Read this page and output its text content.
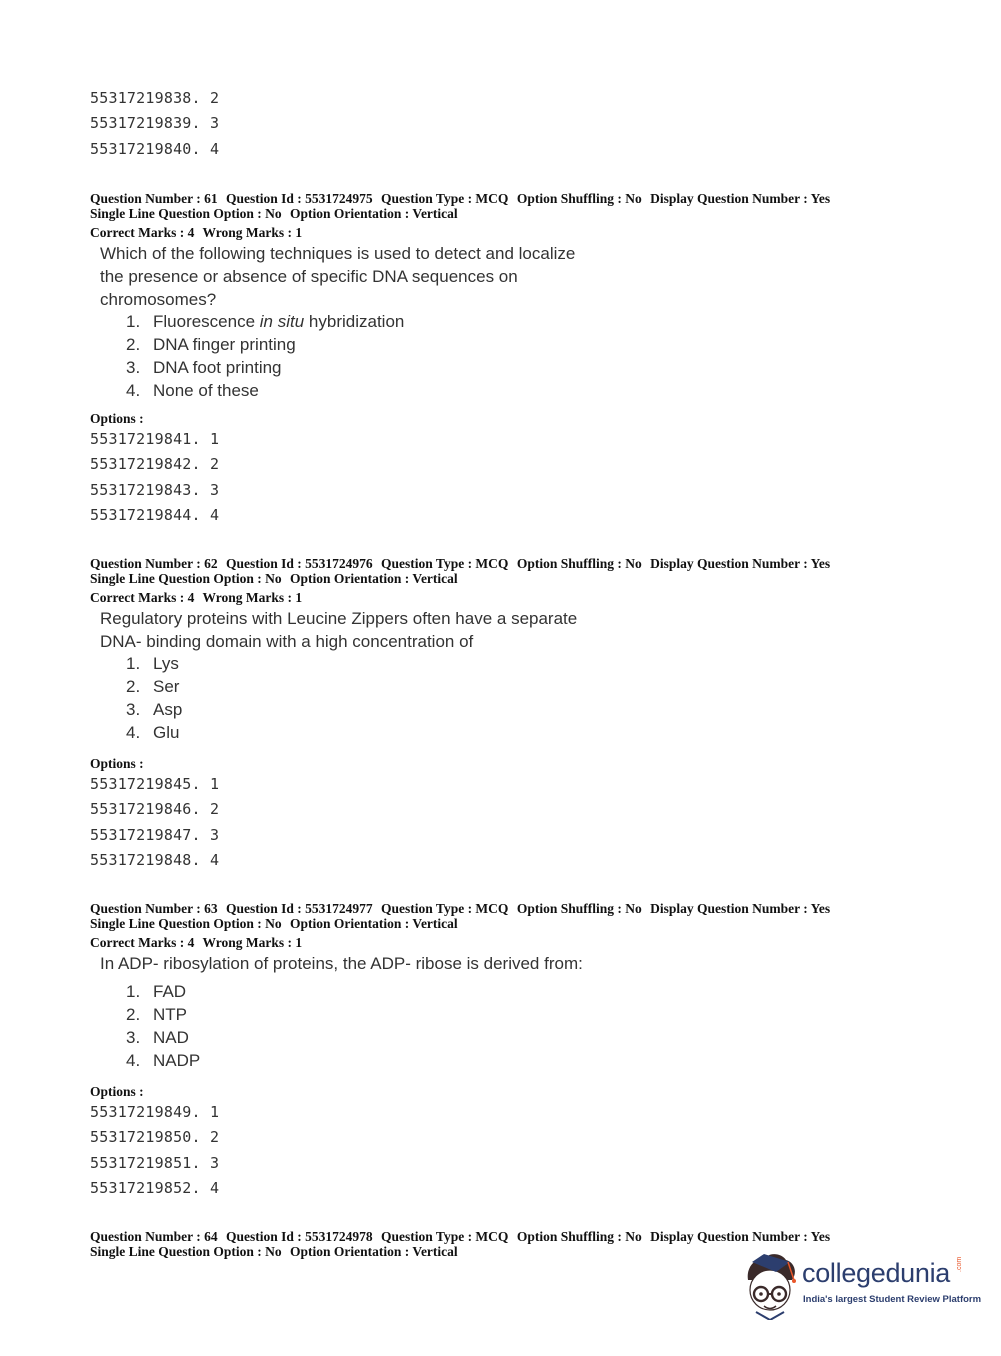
55317219838. 2
55317219839. 3
55317219840. 4
Question Number : 61 Question Id : 5531724975 Question Type : MCQ Option Shuffling : No Display Question Number : Yes
Single Line Question Option : No Option Orientation : Vertical
Correct Marks : 4 Wrong Marks : 1
Which of the following techniques is used to detect and localize
the presence or absence of specific DNA sequences on
chromosomes?
1. Fluorescence in situ hybridization
2. DNA finger printing
3. DNA foot printing
4. None of these
Options :
55317219841. 1
55317219842. 2
55317219843. 3
55317219844. 4
Question Number : 62 Question Id : 5531724976 Question Type : MCQ Option Shuffling : No Display Question Number : Yes
Single Line Question Option : No Option Orientation : Vertical
Correct Marks : 4 Wrong Marks : 1
Regulatory proteins with Leucine Zippers often have a separate
DNA- binding domain with a high concentration of
1. Lys
2. Ser
3. Asp
4. Glu
Options :
55317219845. 1
55317219846. 2
55317219847. 3
55317219848. 4
Question Number : 63 Question Id : 5531724977 Question Type : MCQ Option Shuffling : No Display Question Number : Yes
Single Line Question Option : No Option Orientation : Vertical
Correct Marks : 4 Wrong Marks : 1
In ADP- ribosylation of proteins, the ADP- ribose is derived from:
1. FAD
2. NTP
3. NAD
4. NADP
Options :
55317219849. 1
55317219850. 2
55317219851. 3
55317219852. 4
Question Number : 64 Question Id : 5531724978 Question Type : MCQ Option Shuffling : No Display Question Number : Yes
Single Line Question Option : No Option Orientation : Vertical
collegedunia .com
India's largest Student Review Platform
